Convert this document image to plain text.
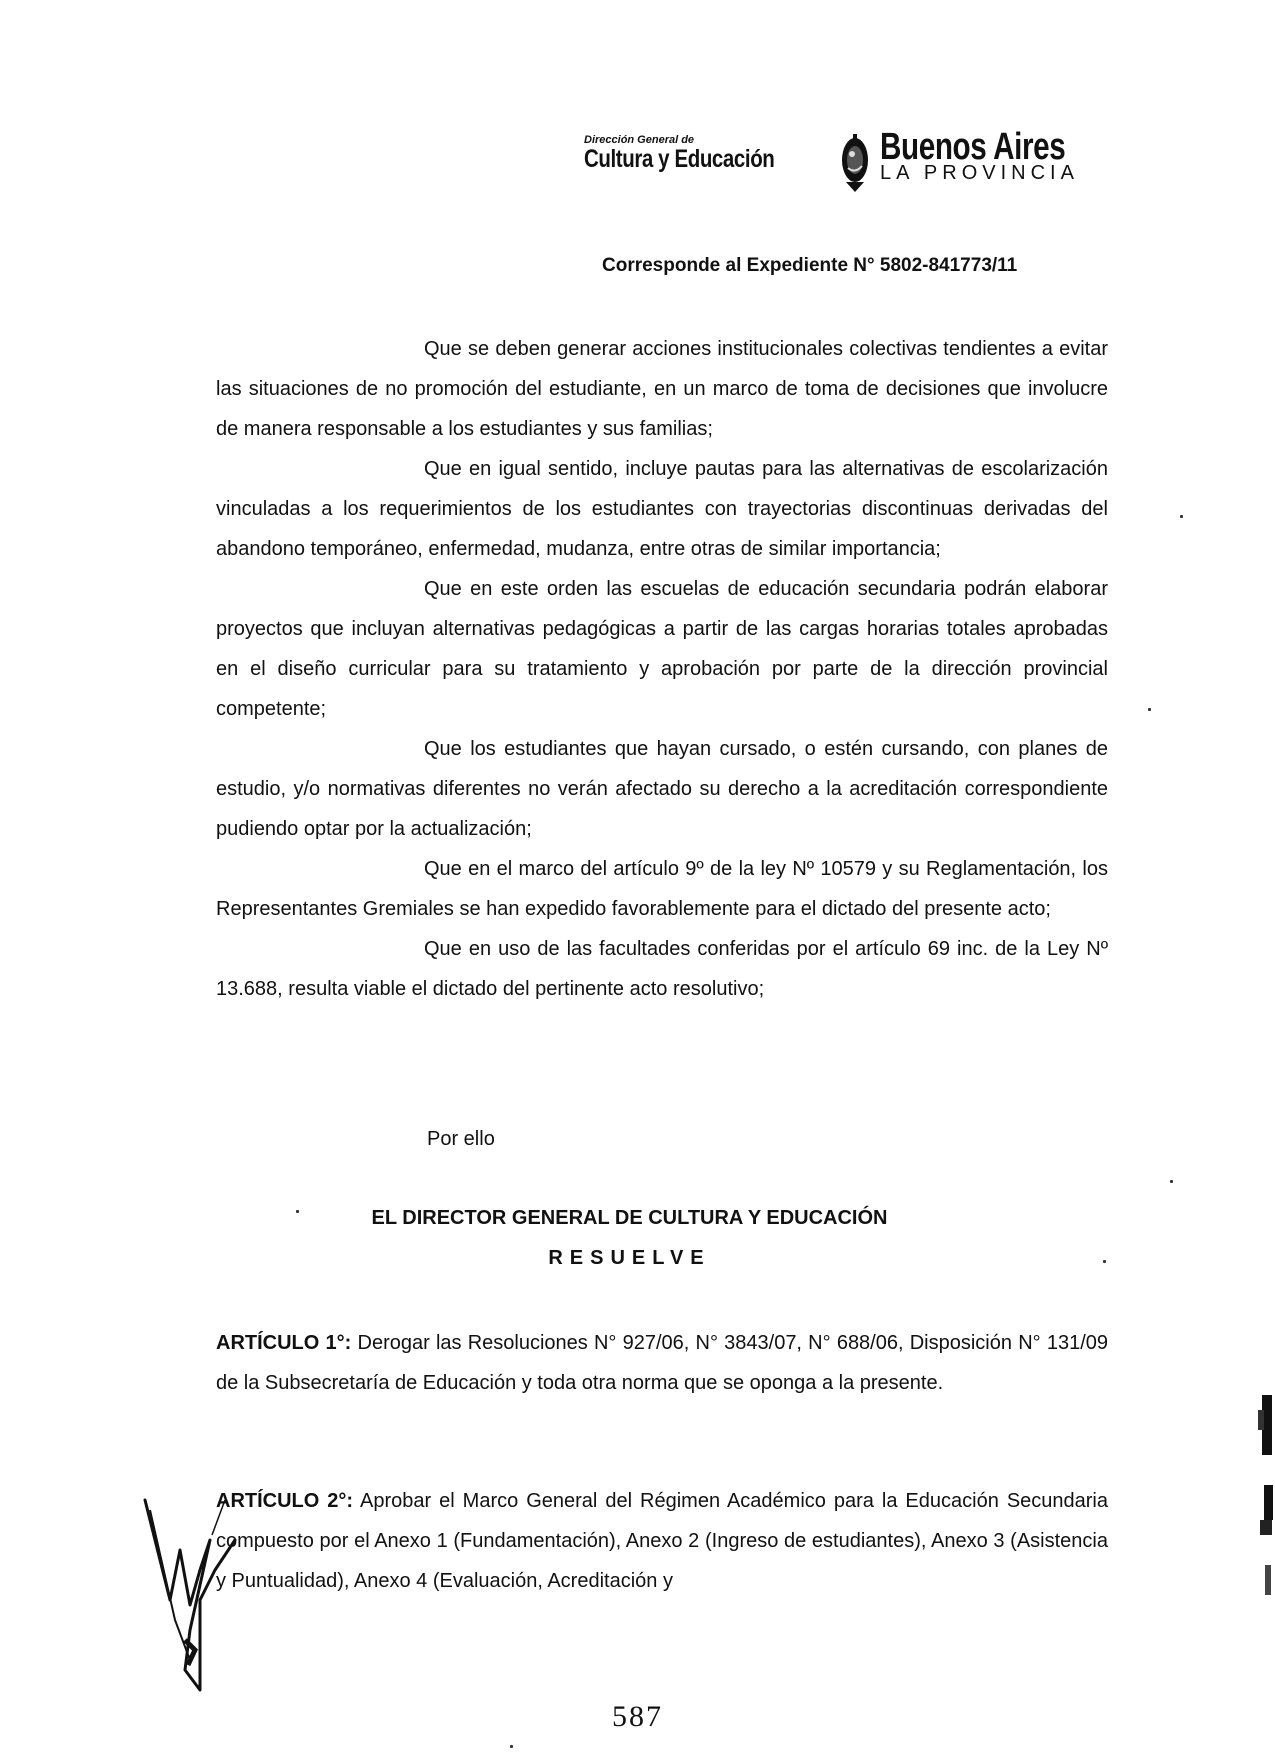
Dirección General de
Cultura y Educación	Buenos Aires
LA PROVINCIA
Corresponde al Expediente N° 5802-841773/11

Que se deben generar acciones institucionales colectivas tendientes a evitar las situaciones de no promoción del estudiante, en un marco de toma de decisiones que involucre de manera responsable a los estudiantes y sus familias;

Que en igual sentido, incluye pautas para las alternativas de escolarización vinculadas a los requerimientos de los estudiantes con trayectorias discontinuas derivadas del abandono temporáneo, enfermedad, mudanza, entre otras de similar importancia;

Que en este orden las escuelas de educación secundaria podrán elaborar proyectos que incluyan alternativas pedagógicas a partir de las cargas horarias totales aprobadas en el diseño curricular para su tratamiento y aprobación por parte de la dirección provincial competente;

Que los estudiantes que hayan cursado, o estén cursando, con planes de estudio, y/o normativas diferentes no verán afectado su derecho a la acreditación correspondiente pudiendo optar por la actualización;

Que en el marco del artículo 9º de la ley Nº 10579 y su Reglamentación, los Representantes Gremiales se han expedido favorablemente para el dictado del presente acto;

Que en uso de las facultades conferidas por el artículo 69 inc. de la Ley Nº 13.688, resulta viable el dictado del pertinente acto resolutivo;

Por ello
EL DIRECTOR GENERAL DE CULTURA Y EDUCACIÓN
RESUELVE

ARTÍCULO 1°: Derogar las Resoluciones N° 927/06, N° 3843/07, N° 688/06, Disposición N° 131/09 de la Subsecretaría de Educación y toda otra norma que se oponga a la presente.

ARTÍCULO 2°: Aprobar el Marco General del Régimen Académico para la Educación Secundaria compuesto por el Anexo 1 (Fundamentación), Anexo 2 (Ingreso de estudiantes), Anexo 3 (Asistencia y Puntualidad), Anexo 4 (Evaluación, Acreditación y

587
